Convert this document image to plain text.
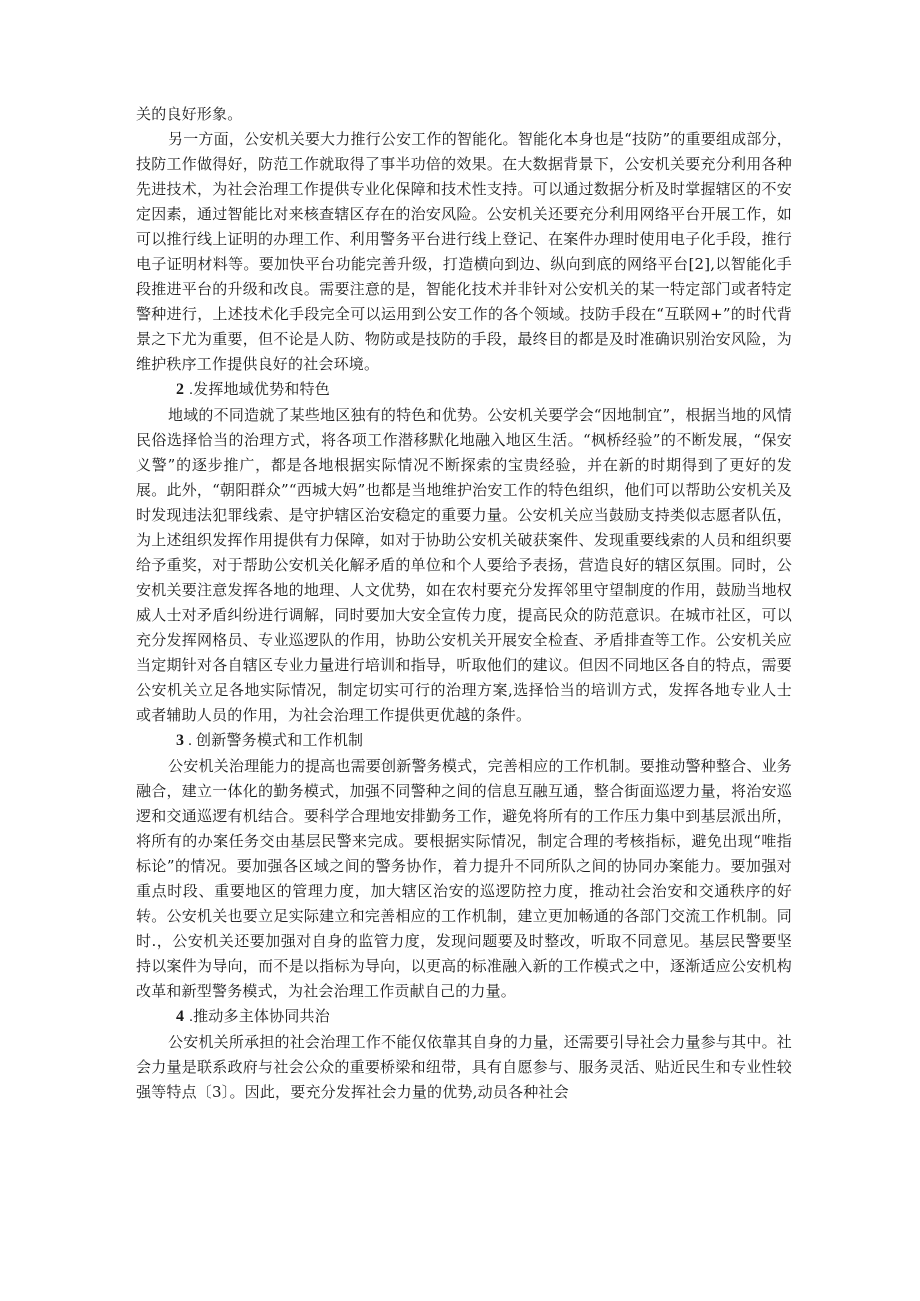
关的良好形象。

另一方面，公安机关要大力推行公安工作的智能化。智能化本身也是“技防”的重要组成部分，技防工作做得好，防范工作就取得了事半功倍的效果。在大数据背景下，公安机关要充分利用各种先进技术，为社会治理工作提供专业化保障和技术性支持。可以通过数据分析及时掌握辖区的不安定因素，通过智能比对来核查辖区存在的治安风险。公安机关还要充分利用网络平台开展工作，如可以推行线上证明的办理工作、利用警务平台进行线上登记、在案件办理时使用电子化手段，推行电子证明材料等。要加快平台功能完善升级，打造横向到边、纵向到底的网络平台[2],以智能化手段推进平台的升级和改良。需要注意的是，智能化技术并非针对公安机关的某一特定部门或者特定警种进行，上述技术化手段完全可以运用到公安工作的各个领域。技防手段在“互联网+”的时代背景之下尤为重要，但不论是人防、物防或是技防的手段，最终目的都是及时准确识别治安风险，为维护秩序工作提供良好的社会环境。

2 .发挥地域优势和特色

地域的不同造就了某些地区独有的特色和优势。公安机关要学会“因地制宜”，根据当地的风情民俗选择恰当的治理方式，将各项工作潜移默化地融入地区生活。“枫桥经验”的不断发展，“保安义警”的逐步推广，都是各地根据实际情况不断探索的宝贵经验，并在新的时期得到了更好的发展。此外，“朝阳群众”“西城大妈”也都是当地维护治安工作的特色组织，他们可以帮助公安机关及时发现违法犯罪线索、是守护辖区治安稳定的重要力量。公安机关应当鼓励支持类似志愿者队伍，为上述组织发挥作用提供有力保障，如对于协助公安机关破获案件、发现重要线索的人员和组织要给予重奖，对于帮助公安机关化解矛盾的单位和个人要给予表扬，营造良好的辖区氛围。同时，公安机关要注意发挥各地的地理、人文优势，如在农村要充分发挥邻里守望制度的作用，鼓励当地权威人士对矛盾纠纷进行调解，同时要加大安全宣传力度，提高民众的防范意识。在城市社区，可以充分发挥网格员、专业巡逻队的作用，协助公安机关开展安全检查、矛盾排查等工作。公安机关应当定期针对各自辖区专业力量进行培训和指导，听取他们的建议。但因不同地区各自的特点，需要公安机关立足各地实际情况，制定切实可行的治理方案,选择恰当的培训方式，发挥各地专业人士或者辅助人员的作用，为社会治理工作提供更优越的条件。

3 . 创新警务模式和工作机制

公安机关治理能力的提高也需要创新警务模式，完善相应的工作机制。要推动警种整合、业务融合，建立一体化的勤务模式，加强不同警种之间的信息互融互通，整合街面巡逻力量，将治安巡逻和交通巡逻有机结合。要科学合理地安排勤务工作，避免将所有的工作压力集中到基层派出所，将所有的办案任务交由基层民警来完成。要根据实际情况，制定合理的考核指标，避免出现“唯指标论”的情况。要加强各区域之间的警务协作，着力提升不同所队之间的协同办案能力。要加强对重点时段、重要地区的管理力度，加大辖区治安的巡逻防控力度，推动社会治安和交通秩序的好转。公安机关也要立足实际建立和完善相应的工作机制，建立更加畅通的各部门交流工作机制。同时.，公安机关还要加强对自身的监管力度，发现问题要及时整改，听取不同意见。基层民警要坚持以案件为导向，而不是以指标为导向，以更高的标准融入新的工作模式之中，逐渐适应公安机构改革和新型警务模式，为社会治理工作贡献自己的力量。

4 .推动多主体协同共治

公安机关所承担的社会治理工作不能仅依靠其自身的力量，还需要引导社会力量参与其中。社会力量是联系政府与社会公众的重要桥梁和纽带，具有自愿参与、服务灵活、贴近民生和专业性较强等特点〔3〕。因此，要充分发挥社会力量的优势,动员各种社会
